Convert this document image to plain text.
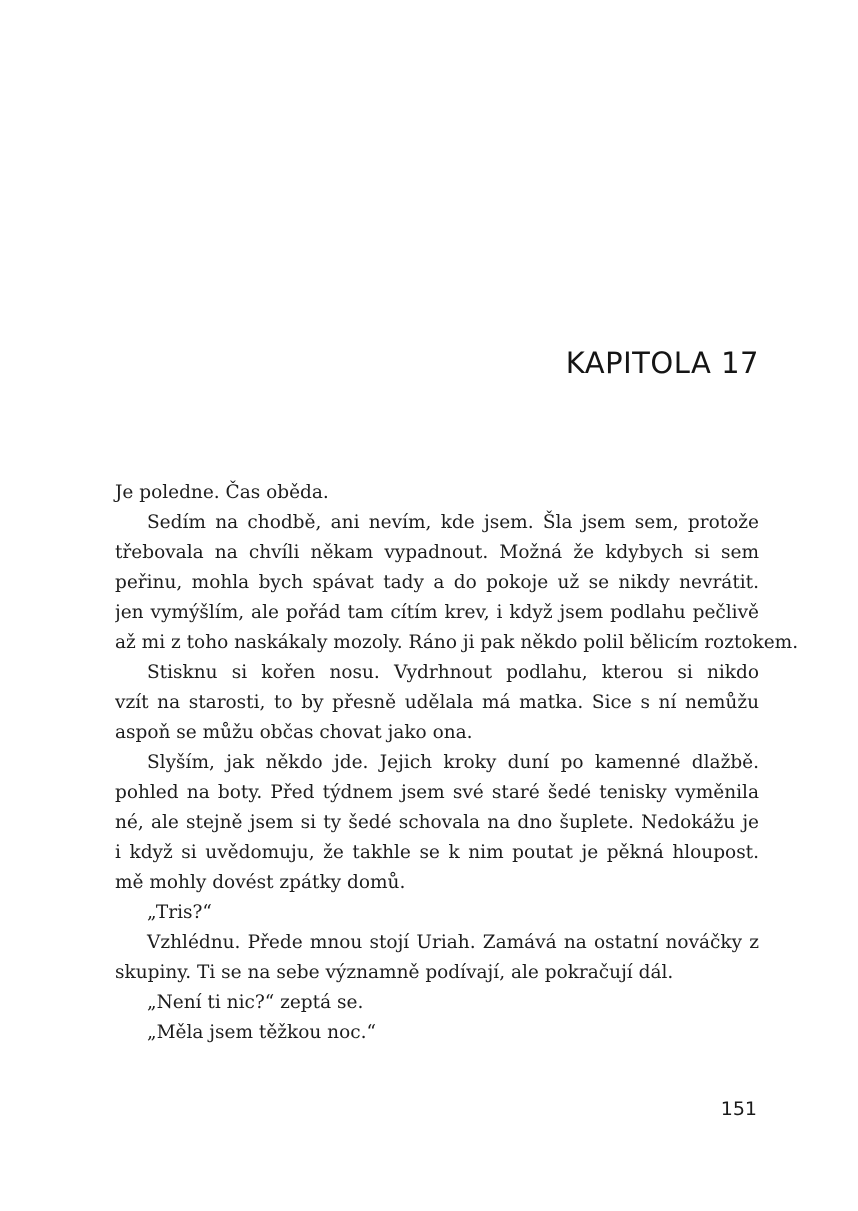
KAPITOLA 17
Je poledne. Čas oběda.
Sedím na chodbě, ani nevím, kde jsem. Šla jsem sem, protože
třebovala na chvíli někam vypadnout. Možná že kdybych si sem
peřinu, mohla bych spávat tady a do pokoje už se nikdy nevrátit.
jen vymýšlím, ale pořád tam cítím krev, i když jsem podlahu pečlivě
až mi z toho naskákaly mozoly. Ráno ji pak někdo polil bělicím roztokem.
Stisknu si kořen nosu. Vydrhnout podlahu, kterou si nikdo
vzít na starosti, to by přesně udělala má matka. Sice s ní nemůžu
aspoň se můžu občas chovat jako ona.
Slyším, jak někdo jde. Jejich kroky duní po kamenné dlažbě.
pohled na boty. Před týdnem jsem své staré šedé tenisky vyměnila
né, ale stejně jsem si ty šedé schovala na dno šuplete. Nedokážu je
i když si uvědomuju, že takhle se k nim poutat je pěkná hloupost.
mě mohly dovést zpátky domů.
„Tris?“
Vzhlédnu. Přede mnou stojí Uriah. Zamává na ostatní nováčky z
skupiny. Ti se na sebe významně podívají, ale pokračují dál.
„Není ti nic?“ zeptá se.
„Měla jsem těžkou noc.“
151
